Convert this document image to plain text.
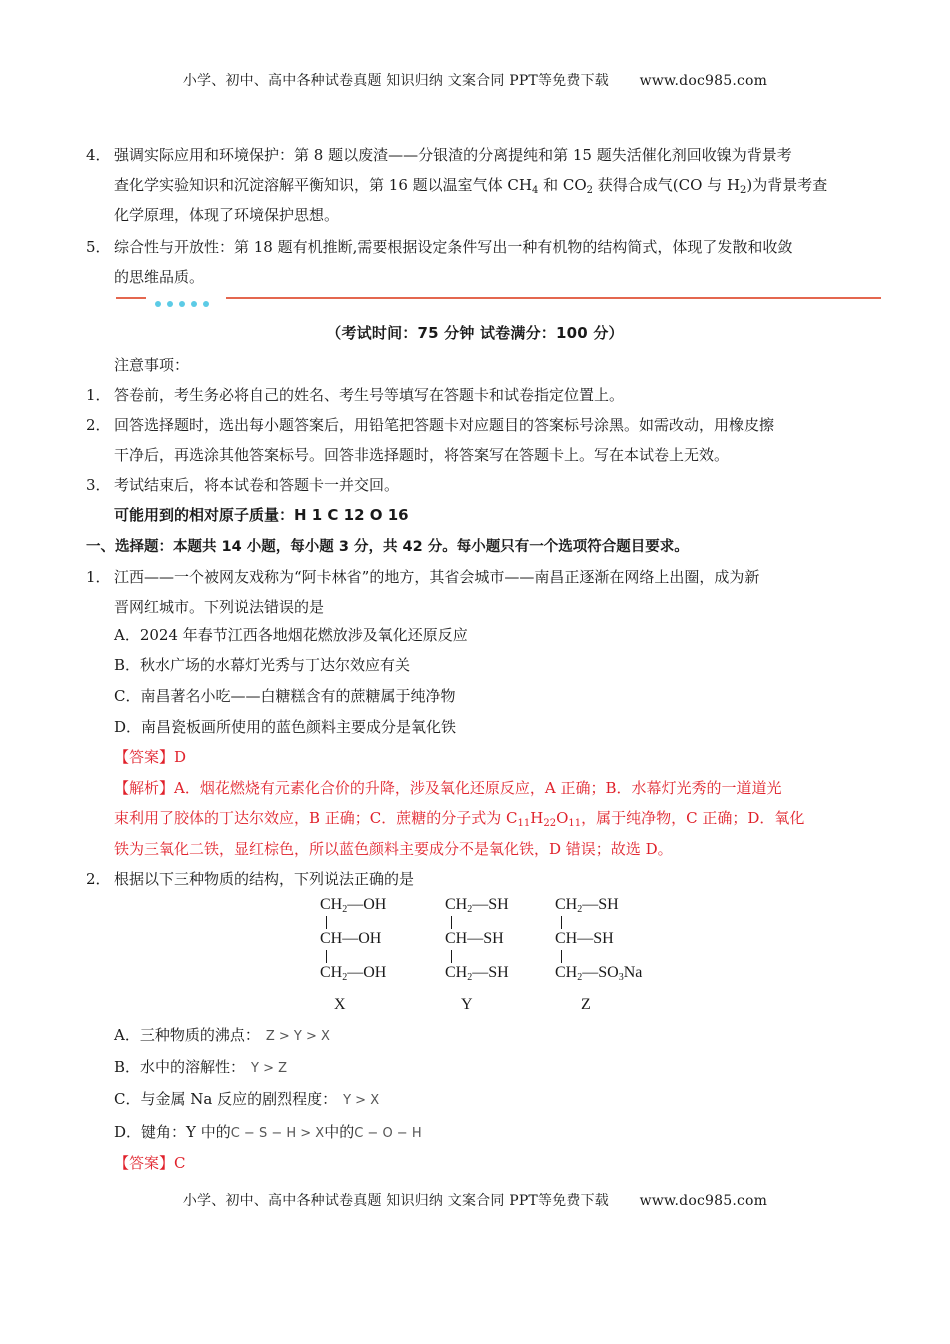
小学、初中、高中各种试卷真题 知识归纳 文案合同 PPT等免费下载 www.doc985.com
4． 强调实际应用和环境保护：第 8 题以废渣——分银渣的分离提纯和第 15 题失活催化剂回收镍为背景考
查化学实验知识和沉淀溶解平衡知识，第 16 题以温室气体 $CH_4$ 和 $CO_2$ 获得合成气(CO 与 $H_2$)为背景考查
化学原理，体现了环境保护思想。
5． 综合性与开放性：第 18 题有机推断,需要根据设定条件写出一种有机物的结构简式，体现了发散和收敛
的思维品质。
（考试时间：75 分钟 试卷满分：100 分）
注意事项：
1． 答卷前，考生务必将自己的姓名、考生号等填写在答题卡和试卷指定位置上。
2． 回答选择题时，选出每小题答案后，用铅笔把答题卡对应题目的答案标号涂黑。如需改动，用橡皮擦
干净后，再选涂其他答案标号。回答非选择题时，将答案写在答题卡上。写在本试卷上无效。
3． 考试结束后，将本试卷和答题卡一并交回。
可能用到的相对原子质量：H 1 C 12 O 16
一、选择题：本题共 14 小题，每小题 3 分，共 42 分。每小题只有一个选项符合题目要求。
1． 江西——一个被网友戏称为“阿卡林省”的地方，其省会城市——南昌正逐渐在网络上出圈，成为新
晋网红城市。下列说法错误的是
A．2024 年春节江西各地烟花燃放涉及氧化还原反应
B．秋水广场的水幕灯光秀与丁达尔效应有关
C．南昌著名小吃——白糖糕含有的蔗糖属于纯净物
D．南昌瓷板画所使用的蓝色颜料主要成分是氧化铁
【答案】D
【解析】A．烟花燃烧有元素化合价的升降，涉及氧化还原反应，A 正确；B．水幕灯光秀的一道道光
束利用了胶体的丁达尔效应，B 正确；C．蔗糖的分子式为 $C_{11}H_{22}O_{11}$，属于纯净物，C 正确；D．氧化
铁为三氧化二铁，显红棕色，所以蓝色颜料主要成分不是氧化铁，D 错误；故选 D。
2． 根据以下三种物质的结构，下列说法正确的是
$CH_2—OH$
CH—OH
$CH_2—OH$
X
$CH_2—SH$
CH—SH
$CH_2—SH$
Y
$CH_2—SH$
CH—SH
$CH_2—SO_3Na$
Z
A．三种物质的沸点： Z > Y > X
B．水中的溶解性： Y > Z
C．与金属 Na 反应的剧烈程度： Y > X
D．键角：Y 中的C − S − H > X中的C − O − H
【答案】C
小学、初中、高中各种试卷真题 知识归纳 文案合同 PPT等免费下载 www.doc985.com
